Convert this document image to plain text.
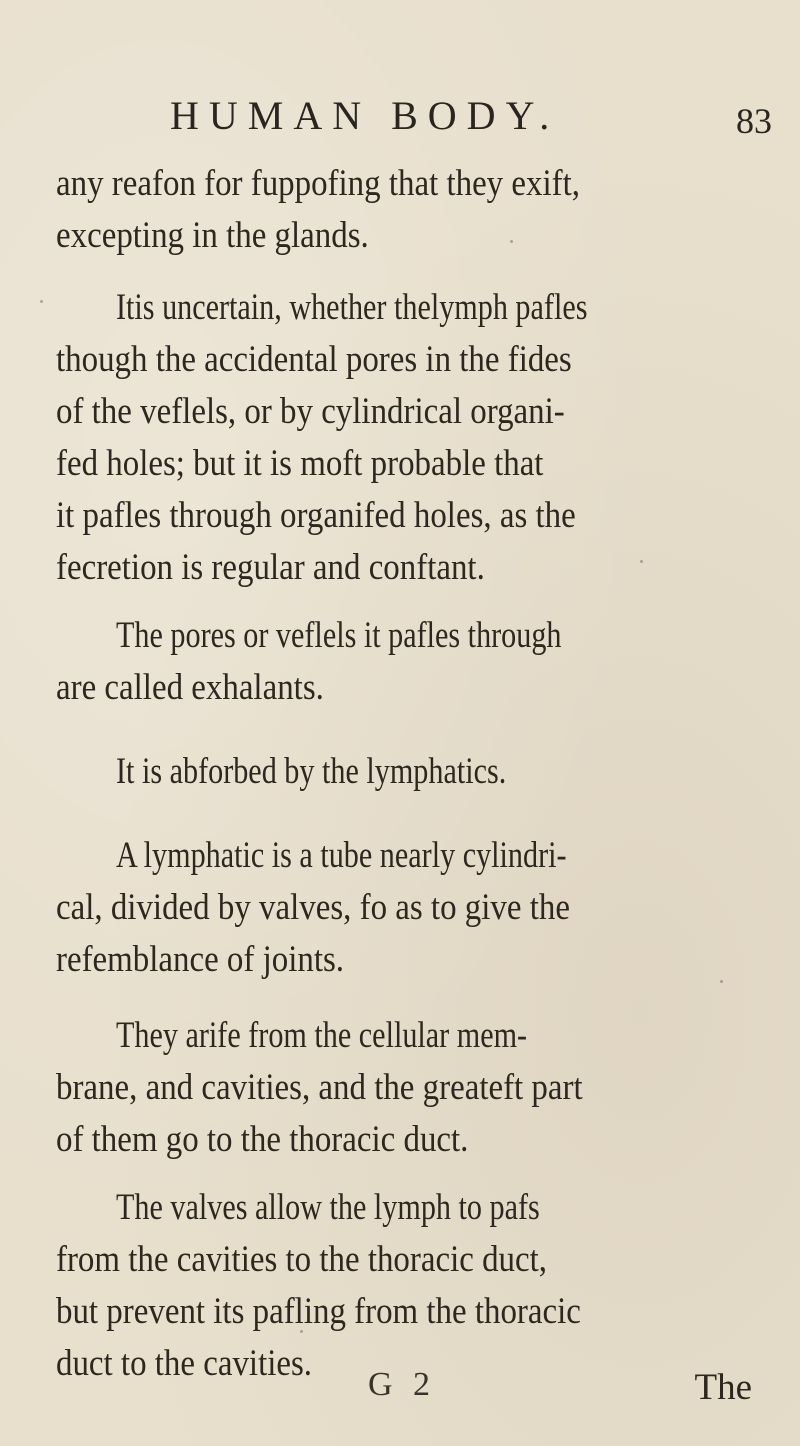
HUMAN BODY.	83
any reafon for fuppofing that they exift,
excepting in the glands.
Itis uncertain, whether thelymph pafles
though the accidental pores in the fides
of the veflels, or by cylindrical organi-
fed holes; but it is moft probable that
it pafles through organifed holes, as the
fecretion is regular and conftant.
The pores or veflels it pafles through
are called exhalants.
It is abforbed by the lymphatics.
A lymphatic is a tube nearly cylindri-
cal, divided by valves, fo as to give the
refemblance of joints.
They arife from the cellular mem-
brane, and cavities, and the greateft part
of them go to the thoracic duct.
The valves allow the lymph to pafs
from the cavities to the thoracic duct,
but prevent its pafling from the thoracic
duct to the cavities.
G 2	The
